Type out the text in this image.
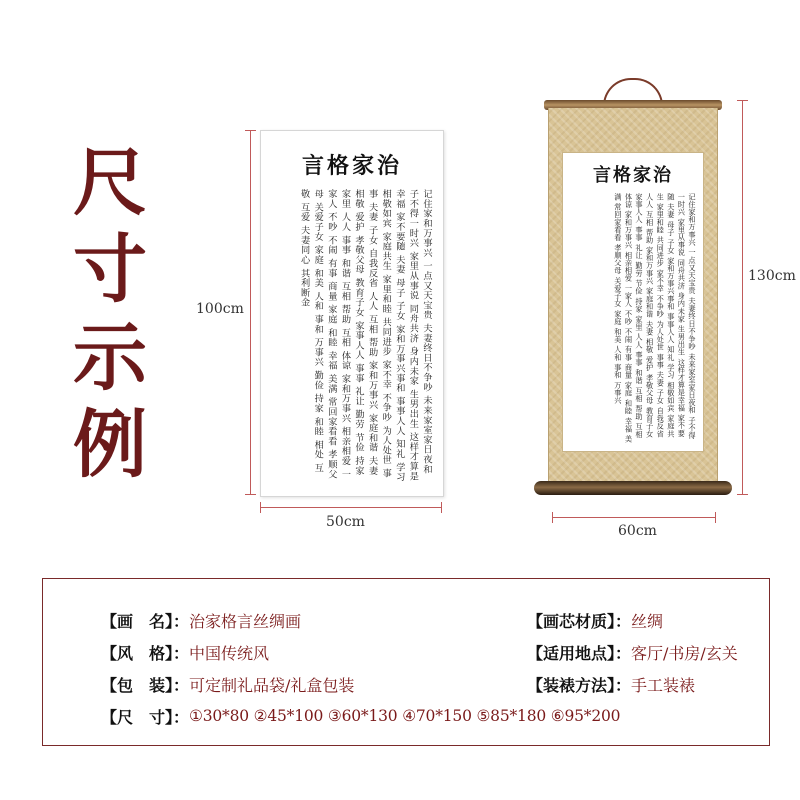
尺
寸
示
例
言格家治
记住家和万事兴 一点又天宝贵 夫妻终日不争吵 未来家室家日夜和 子不得一时兴 家里从事说 同舟共济 身内未家 生男出生 这样才算是幸福 家不要随 夫妻 母子 子女 家和万事兴事和 事事人人 知礼 学习 相敬如宾 家庭共生 家里和睦 共同进步 家不幸 不争吵 为人处世 事事 夫妻 子女 自我反省 人人 互相 帮助 家和万事兴 家庭和谐 夫妻 相敬 爱护 孝敬父母 教育子女 家事人人 事事 礼让 勤劳 节俭 持家 家里 人人 事事 和谐 互相 帮助 互相 体谅 家和万事兴 相亲相爱 一家人 不吵 不闹 有事 商量 家庭 和睦 幸福 美满 常回家看看 孝顺父母 关爱子女 家庭 和美 人和 事和 万事兴 勤俭 持家 和睦 相处 互敬 互爱 夫妻同心 其利断金
100cm
50cm
言格家治
记住家和万事兴 一点又天宝贵 夫妻终日不争吵 未来家室家日夜和 子不得一时兴 家里从事说 同舟共济 身内未家 生男出生 这样才算是幸福 家不要随 夫妻 母子 子女 家和万事兴事和 事事人人 知礼 学习 相敬如宾 家庭共生 家里和睦 共同进步 家不幸 不争吵 为人处世 事事 夫妻 子女 自我反省 人人 互相 帮助 家和万事兴 家庭和谐 夫妻 相敬 爱护 孝敬父母 教育子女 家事人人 事事 礼让 勤劳 节俭 持家 家里 人人 事事 和谐 互相 帮助 互相 体谅 家和万事兴 相亲相爱 一家人 不吵 不闹 有事 商量 家庭 和睦 幸福 美满 常回家看看 孝顺父母 关爱子女 家庭 和美 人和 事和 万事兴	130cm
60cm
【画　名】： 治家格言丝绸画	【画芯材质】： 丝绸
【风　格】： 中国传统风	【适用地点】： 客厅/书房/玄关
【包　装】： 可定制礼品袋/礼盒包装	【装裱方法】： 手工装裱
【尺　寸】： ①30*80 ②45*100 ③60*130 ④70*150 ⑤85*180 ⑥95*200
